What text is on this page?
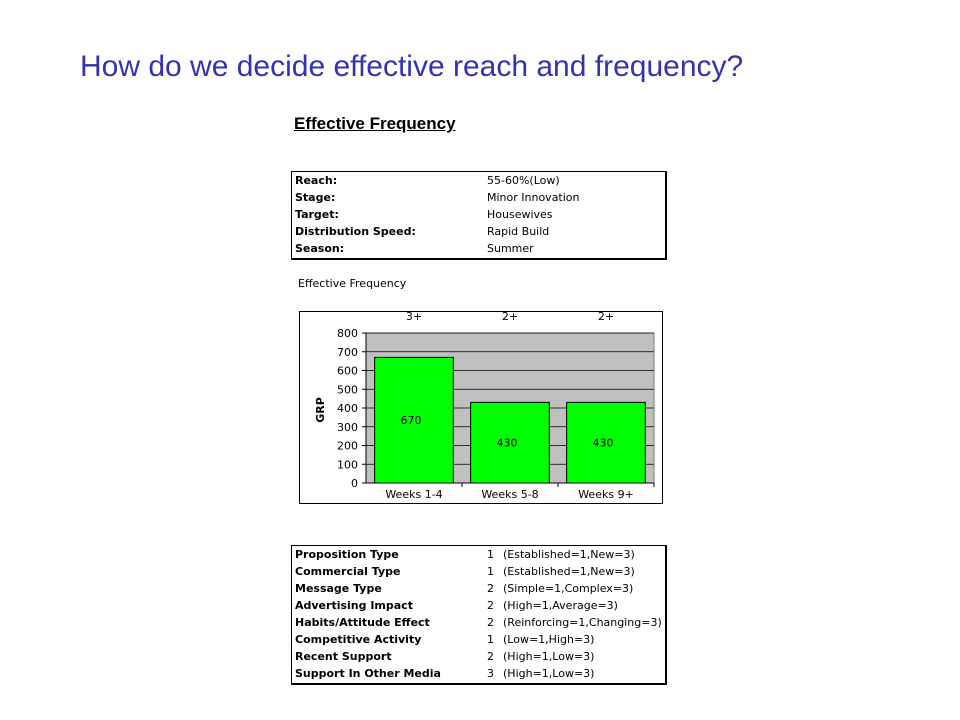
How do we decide effective reach and frequency?
Effective Frequency
Reach:	55-60%(Low)
Stage:	Minor Innovation
Target:	Housewives
Distribution Speed:	Rapid Build
Season:	Summer
Effective Frequency
670
3+
430
2+
430
2+
0
100
200
300
400
500
600
700
800
Weeks 1-4	Weeks 5-8	Weeks 9+
GRP
Proposition Type	1 (Established=1,New=3)
Commercial Type	1 (Established=1,New=3)
Message Type	2 (Simple=1,Complex=3)
Advertising Impact	2 (High=1,Average=3)
Habits/Attitude Effect	2 (Reinforcing=1,Changing=3)
Competitive Activity	1 (Low=1,High=3)
Recent Support	2 (High=1,Low=3)
Support In Other Media	3 (High=1,Low=3)
